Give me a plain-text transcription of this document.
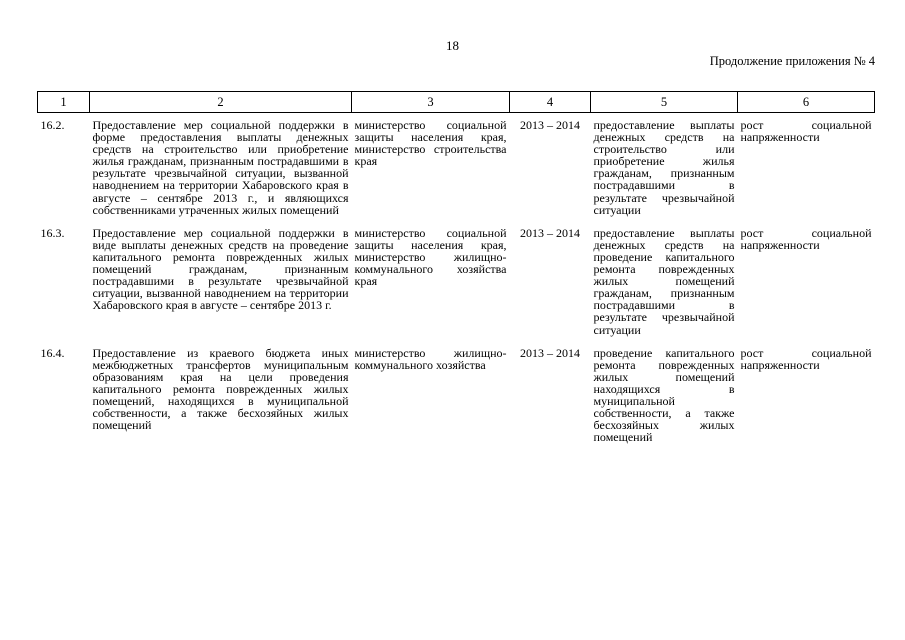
18
Продолжение приложения № 4
1	2	3	4	5	6
16.2.	Предоставление мер социальной поддержки в форме предоставления выплаты денежных средств на строительство или приобретение жилья гражданам, признанным пострадавшими в результате чрезвычайной ситуации, вызванной наводнением на территории Хабаровского края в августе – сентябре 2013 г., и являющихся собственниками утраченных жилых помещений	министерство социальной защиты населения края, министерство строительства края	2013 – 2014	предоставление выплаты денежных средств на строительство или приобретение жилья гражданам, признанным пострадавшими в результате чрезвычайной ситуации	рост социальной напряженности
16.3.	Предоставление мер социальной поддержки в виде выплаты денежных средств на проведение капитального ремонта поврежденных жилых помещений гражданам, признанным пострадавшими в результате чрезвычайной ситуации, вызванной наводнением на территории Хабаровского края в августе – сентябре 2013 г.	министерство социальной защиты населения края, министерство жилищно-коммунального хозяйства края	2013 – 2014	предоставление выплаты денежных средств на проведение капитального ремонта поврежденных жилых помещений гражданам, признанным пострадавшими в результате чрезвычайной ситуации	рост социальной напряженности
16.4.	Предоставление из краевого бюджета иных межбюджетных трансфертов муниципальным образованиям края на цели проведения капитального ремонта поврежденных жилых помещений, находящихся в муниципальной собственности, а также бесхозяйных жилых помещений	министерство жилищно-коммунального хозяйства	2013 – 2014	проведение капитального ремонта поврежденных жилых помещений находящихся в муниципальной собственности, а также бесхозяйных жилых помещений	рост социальной напряженности
